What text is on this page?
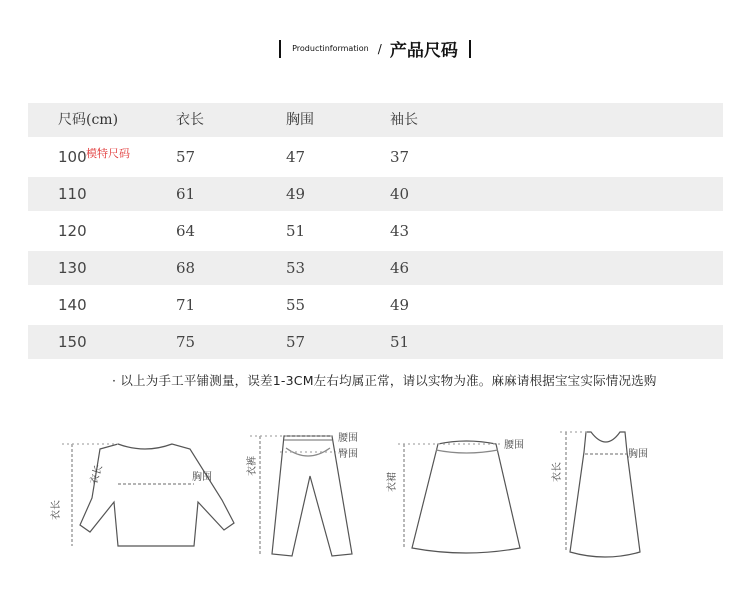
Productinformation / 产品尺码
尺码(cm)	衣长	胸围	袖长
100	57	47	37
110	61	49	40
120	64	51	43
130	68	53	46
140	71	55	49
150	75	57	51
模特尺码
· 以上为手工平铺测量，误差1-3CM左右均属正常，请以实物为准。麻麻请根据宝宝实际情况选购
衣长
衣长	胸围
腰围
臀围
衣裤
腰围
衣裙
胸围
衣长
